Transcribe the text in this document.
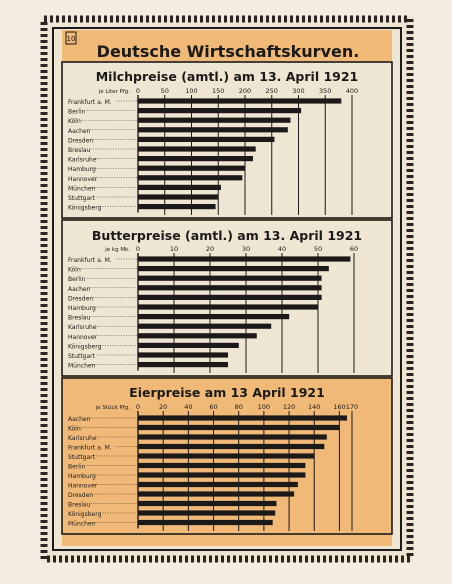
10
Deutsche Wirtschaftskurven.
Milchpreise (amtl.) am 13. April 1921
je Liter Pfg. 0	50	100 150 200 250 300 350 400
Frankfurt a. M.
Berlin
Köln
Aachen
Dresden
Breslau
Karlsruhe
Hamburg
Hannover
München
Stuttgart
Königsberg
Butterpreise (amtl.) am 13. April 1921
je kg Mk. 0	10	20	30	40	50	60
Frankfurt a. M.
Köln
Berlin
Aachen
Dresden
Hamburg
Breslau
Karlsruhe
Hannover
Königsberg
Stuttgart
München
Eierpreise am 13 April 1921
je Stück Pfg. 0	20	40	60	80 100 120 140 160 170
Aachen
Köln
Karlsruhe
Frankfurt a. M.
Stuttgart
Berlin
Hamburg
Hannover
Dresden
Breslau
Königsberg
München
